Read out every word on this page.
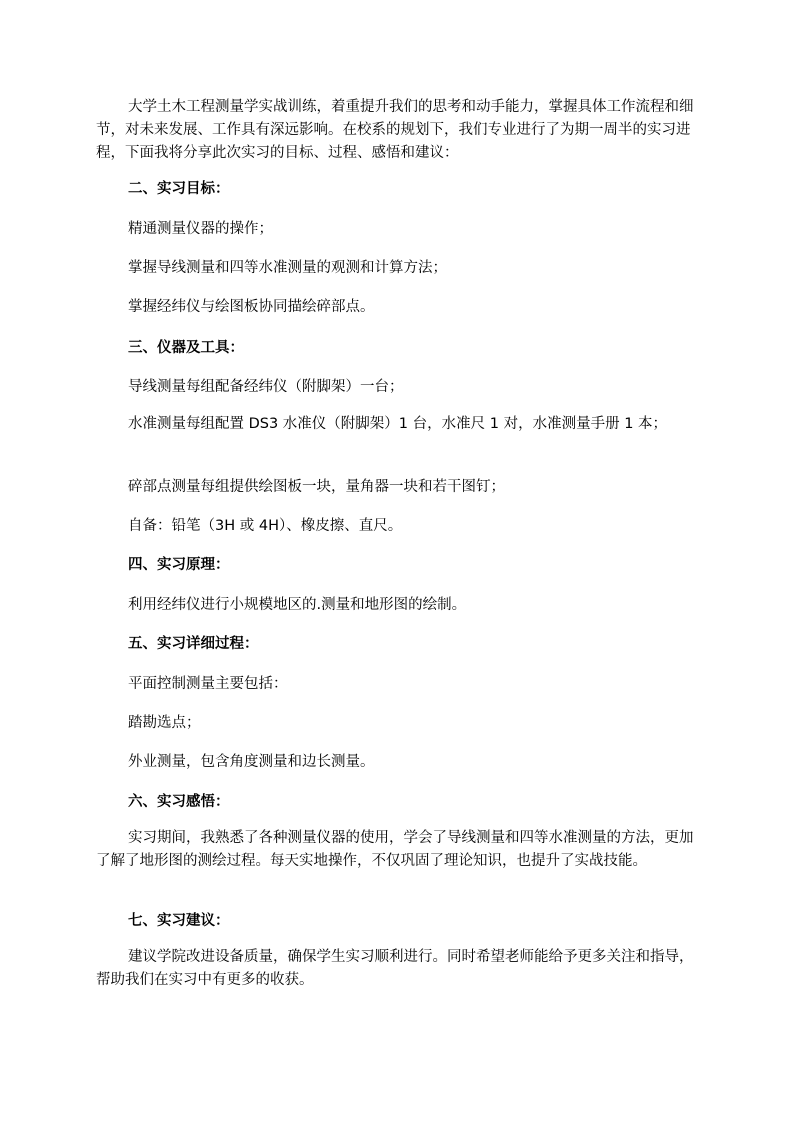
大学土木工程测量学实战训练，着重提升我们的思考和动手能力，掌握具体工作流程和细节，对未来发展、工作具有深远影响。在校系的规划下，我们专业进行了为期一周半的实习进程，下面我将分享此次实习的目标、过程、感悟和建议：

二、实习目标：

精通测量仪器的操作；

掌握导线测量和四等水准测量的观测和计算方法；

掌握经纬仪与绘图板协同描绘碎部点。

三、仪器及工具：

导线测量每组配备经纬仪（附脚架）一台；

水准测量每组配置 DS3 水准仪（附脚架）1 台，水准尺 1 对，水准测量手册 1 本；

碎部点测量每组提供绘图板一块，量角器一块和若干图钉；

自备：铅笔（3H 或 4H）、橡皮擦、直尺。

四、实习原理：

利用经纬仪进行小规模地区的.测量和地形图的绘制。

五、实习详细过程：

平面控制测量主要包括：

踏勘选点；

外业测量，包含角度测量和边长测量。

六、实习感悟：

实习期间，我熟悉了各种测量仪器的使用，学会了导线测量和四等水准测量的方法，更加了解了地形图的测绘过程。每天实地操作，不仅巩固了理论知识，也提升了实战技能。

七、实习建议：

建议学院改进设备质量，确保学生实习顺利进行。同时希望老师能给予更多关注和指导，帮助我们在实习中有更多的收获。
